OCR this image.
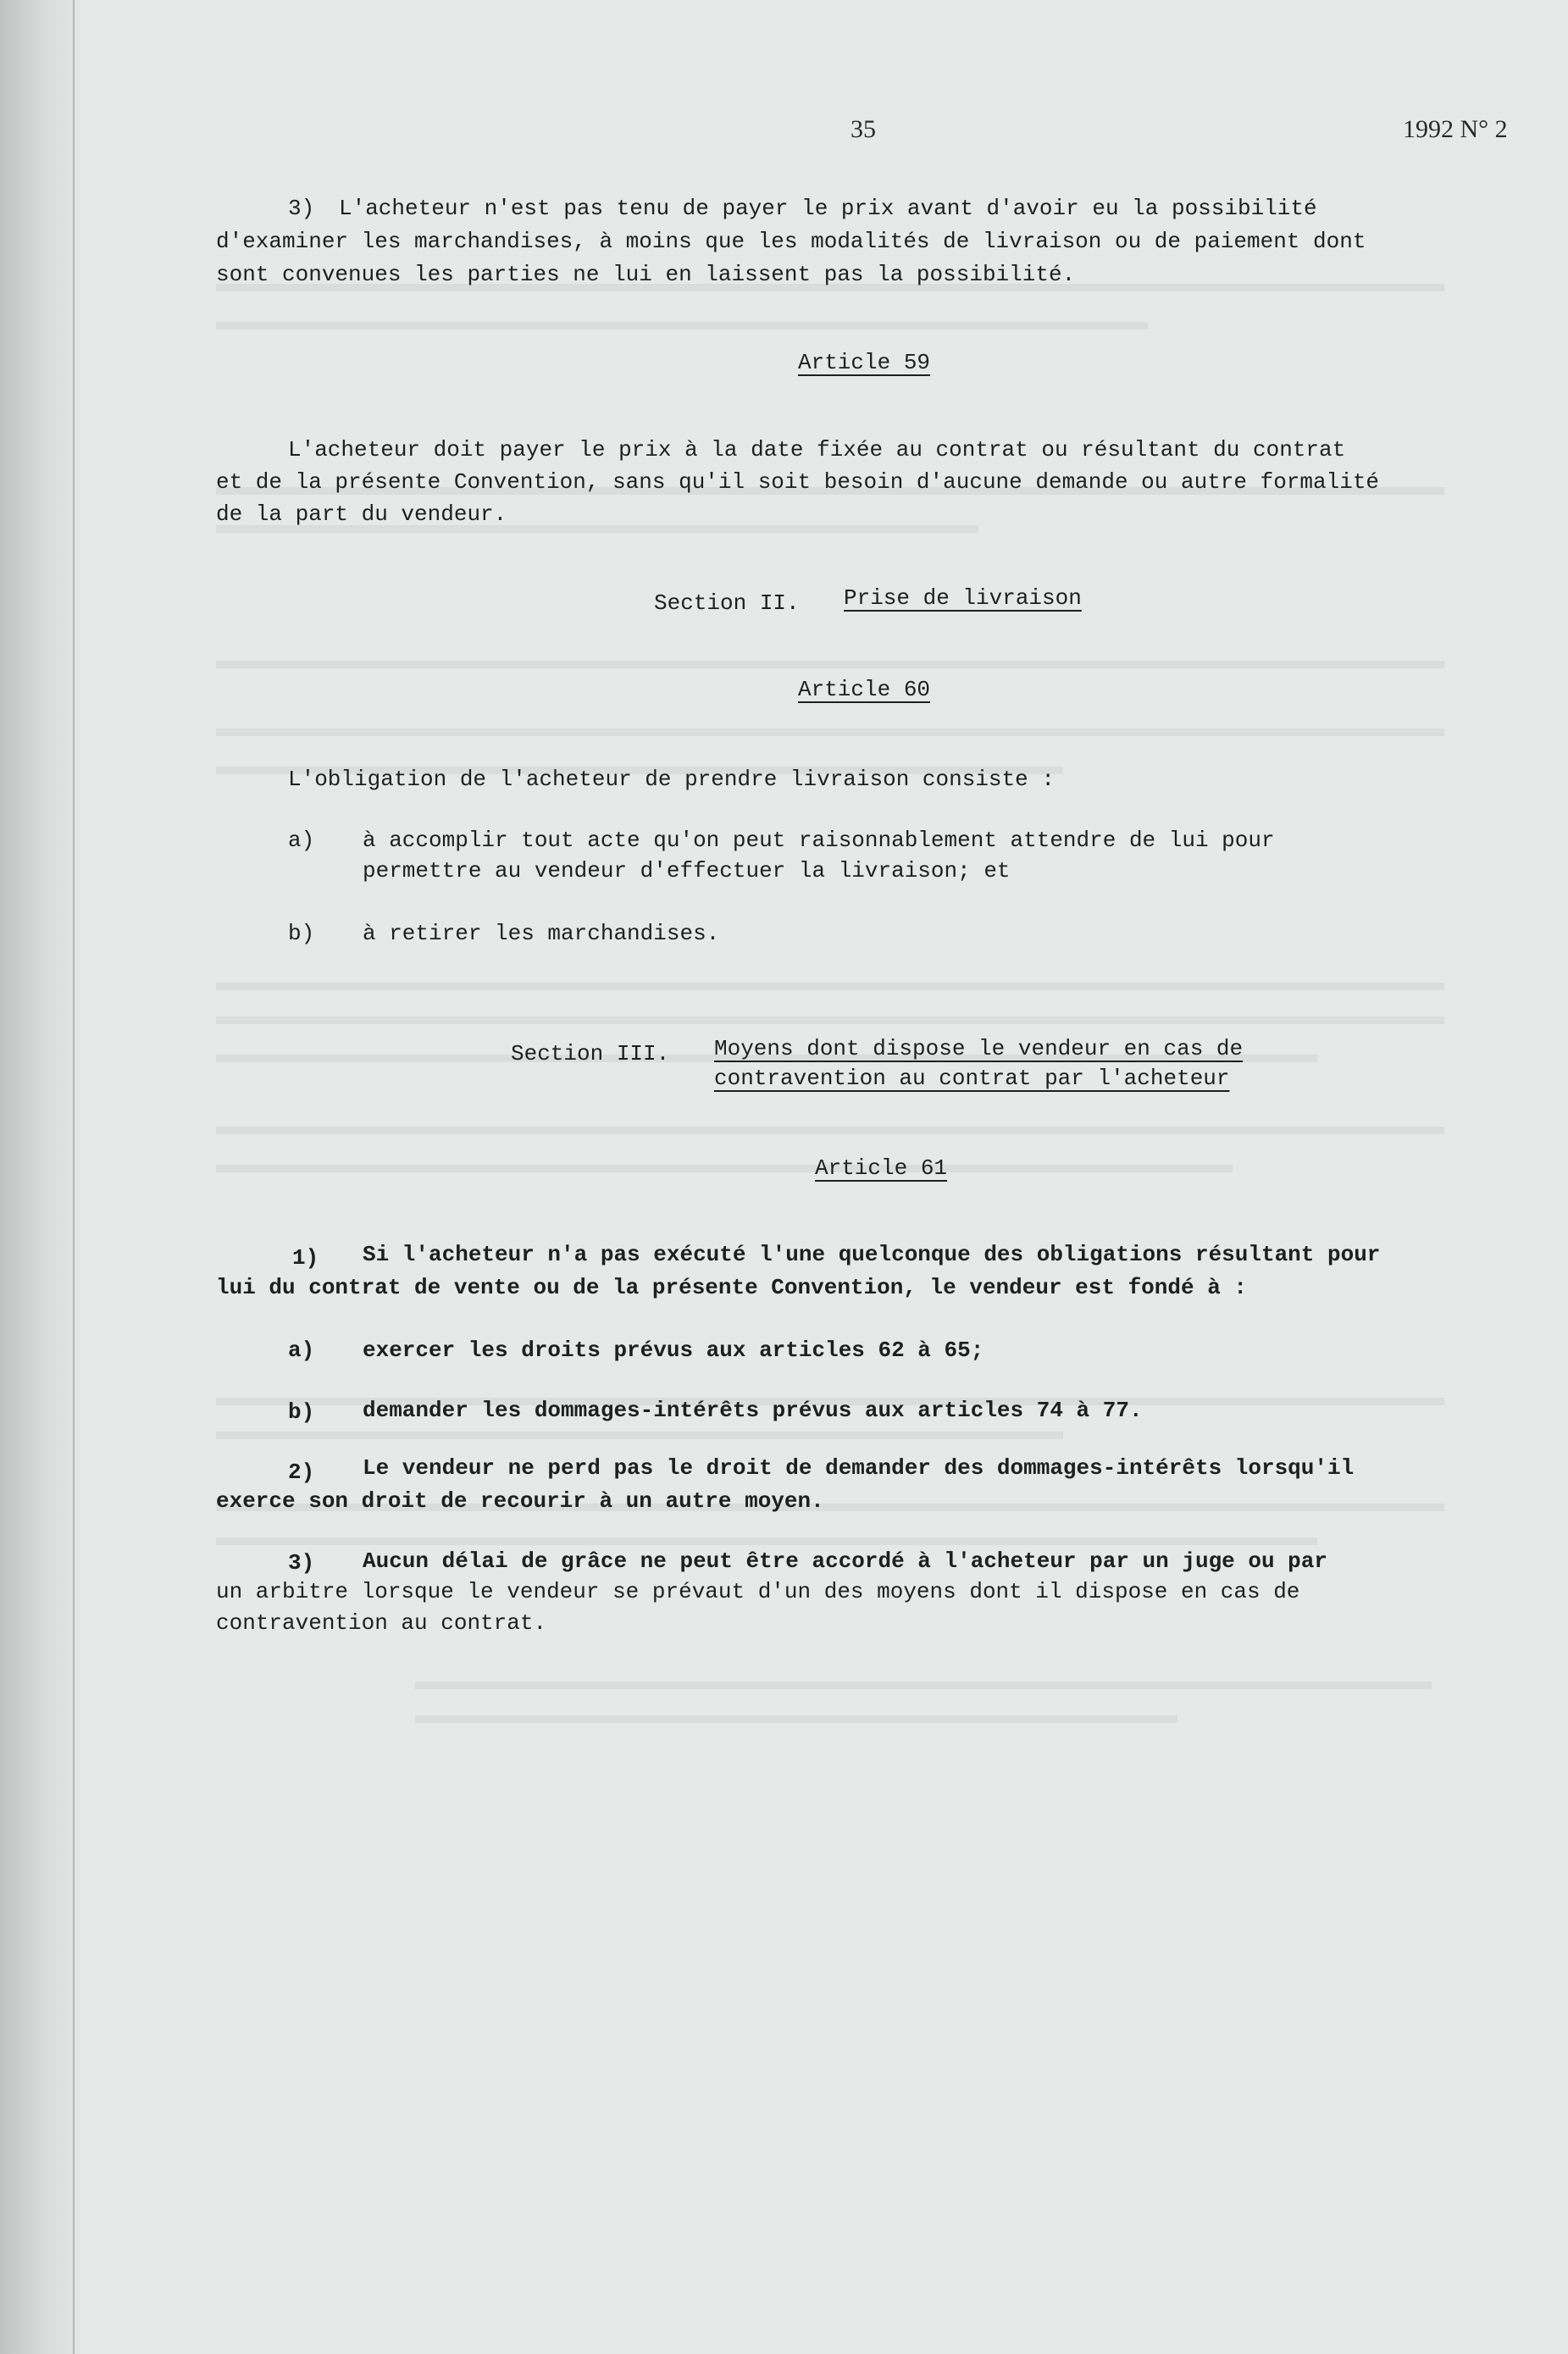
35	1992 N° 2
3) L'acheteur n'est pas tenu de payer le prix avant d'avoir eu la possibilité
d'examiner les marchandises, à moins que les modalités de livraison ou de paiement dont
sont convenues les parties ne lui en laissent pas la possibilité.
Article 59
L'acheteur doit payer le prix à la date fixée au contrat ou résultant du contrat
et de la présente Convention, sans qu'il soit besoin d'aucune demande ou autre formalité
de la part du vendeur.
Section II. Prise de livraison
Article 60
L'obligation de l'acheteur de prendre livraison consiste :
a) à accomplir tout acte qu'on peut raisonnablement attendre de lui pour
permettre au vendeur d'effectuer la livraison; et
b) à retirer les marchandises.
Section III. Moyens dont dispose le vendeur en cas de
contravention au contrat par l'acheteur
Article 61
1) Si l'acheteur n'a pas exécuté l'une quelconque des obligations résultant pour
lui du contrat de vente ou de la présente Convention, le vendeur est fondé à :
a) exercer les droits prévus aux articles 62 à 65;
b) demander les dommages-intérêts prévus aux articles 74 à 77.
2) Le vendeur ne perd pas le droit de demander des dommages-intérêts lorsqu'il
exerce son droit de recourir à un autre moyen.
3) Aucun délai de grâce ne peut être accordé à l'acheteur par un juge ou par
un arbitre lorsque le vendeur se prévaut d'un des moyens dont il dispose en cas de
contravention au contrat.
